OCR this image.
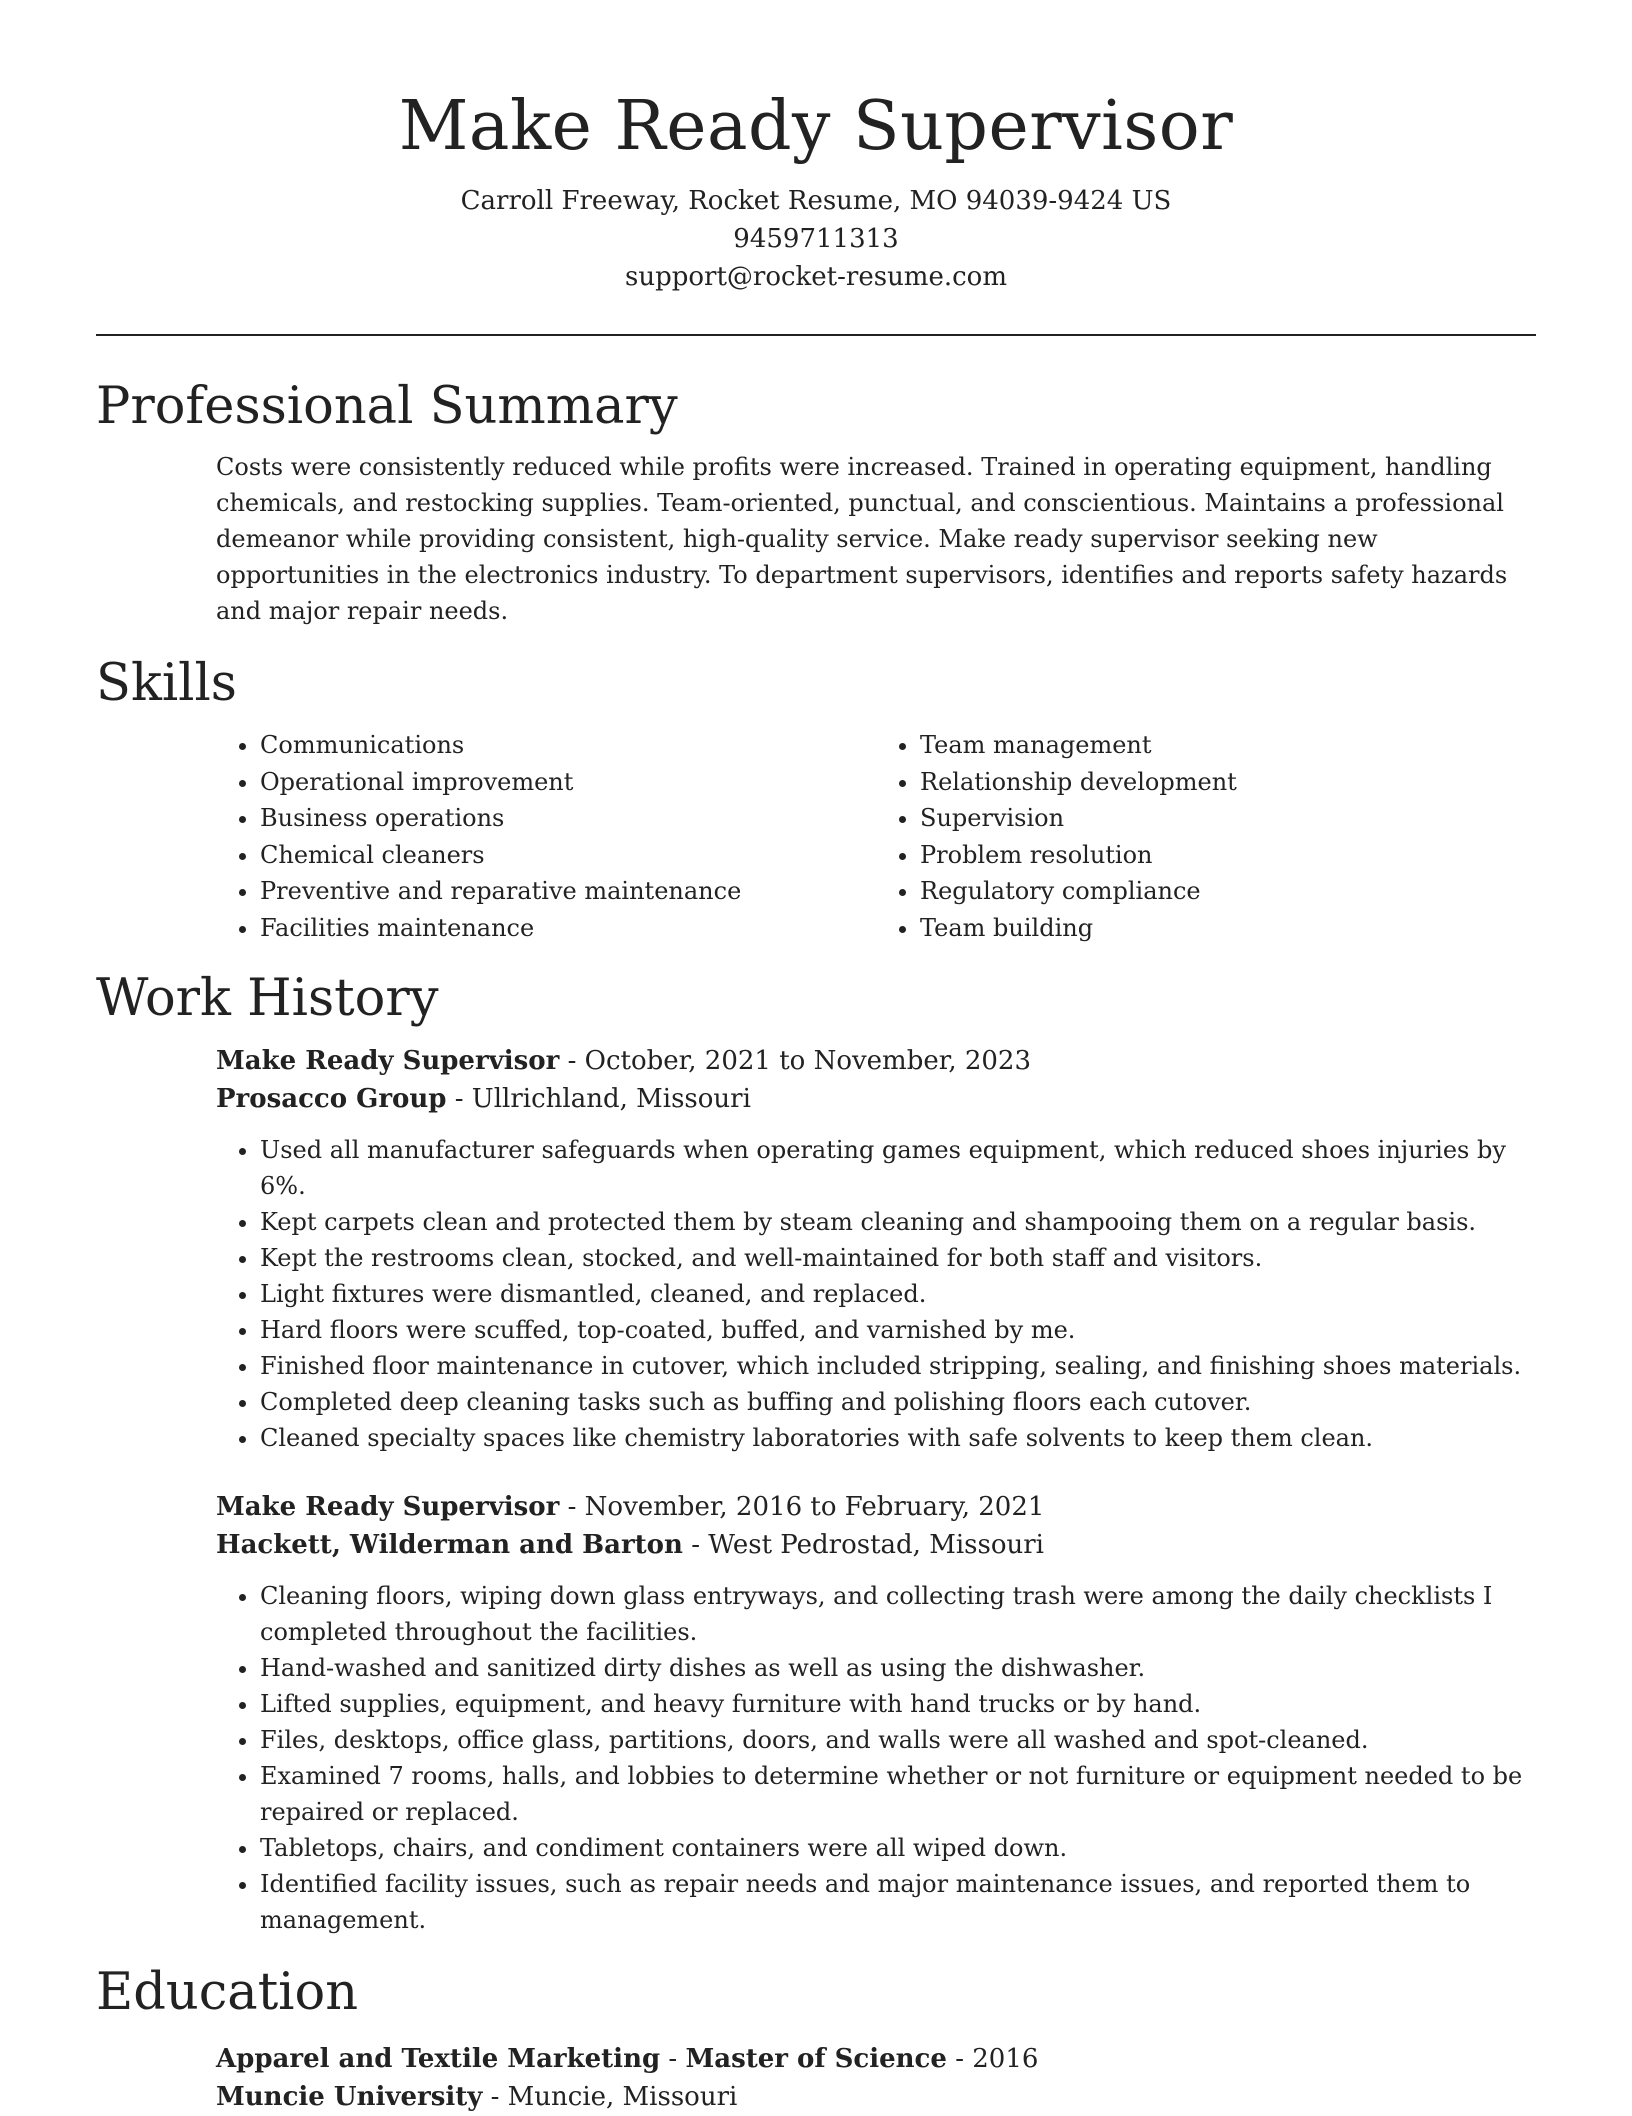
Make Ready Supervisor
Carroll Freeway, Rocket Resume, MO 94039-9424 US
9459711313
support@rocket-resume.com
Professional Summary

Costs were consistently reduced while profits were increased. Trained in operating equipment, handling chemicals, and restocking supplies. Team-oriented, punctual, and conscientious. Maintains a professional demeanor while providing consistent, high-quality service. Make ready supervisor seeking new opportunities in the electronics industry. To department supervisors, identifies and reports safety hazards and major repair needs.

Skills
• Communications
• Operational improvement
• Business operations
• Chemical cleaners
• Preventive and reparative maintenance
• Facilities maintenance
• Team management
• Relationship development
• Supervision
• Problem resolution
• Regulatory compliance
• Team building
Work History
Make Ready Supervisor - October, 2021 to November, 2023
Prosacco Group - Ullrichland, Missouri
• Used all manufacturer safeguards when operating games equipment, which reduced shoes injuries by 6%.
• Kept carpets clean and protected them by steam cleaning and shampooing them on a regular basis.
• Kept the restrooms clean, stocked, and well-maintained for both staff and visitors.
• Light fixtures were dismantled, cleaned, and replaced.
• Hard floors were scuffed, top-coated, buffed, and varnished by me.
• Finished floor maintenance in cutover, which included stripping, sealing, and finishing shoes materials.
• Completed deep cleaning tasks such as buffing and polishing floors each cutover.
• Cleaned specialty spaces like chemistry laboratories with safe solvents to keep them clean.
Make Ready Supervisor - November, 2016 to February, 2021
Hackett, Wilderman and Barton - West Pedrostad, Missouri
• Cleaning floors, wiping down glass entryways, and collecting trash were among the daily checklists I completed throughout the facilities.
• Hand-washed and sanitized dirty dishes as well as using the dishwasher.
• Lifted supplies, equipment, and heavy furniture with hand trucks or by hand.
• Files, desktops, office glass, partitions, doors, and walls were all washed and spot-cleaned.
• Examined 7 rooms, halls, and lobbies to determine whether or not furniture or equipment needed to be repaired or replaced.
• Tabletops, chairs, and condiment containers were all wiped down.
• Identified facility issues, such as repair needs and major maintenance issues, and reported them to management.
Education
Apparel and Textile Marketing - Master of Science - 2016
Muncie University - Muncie, Missouri
